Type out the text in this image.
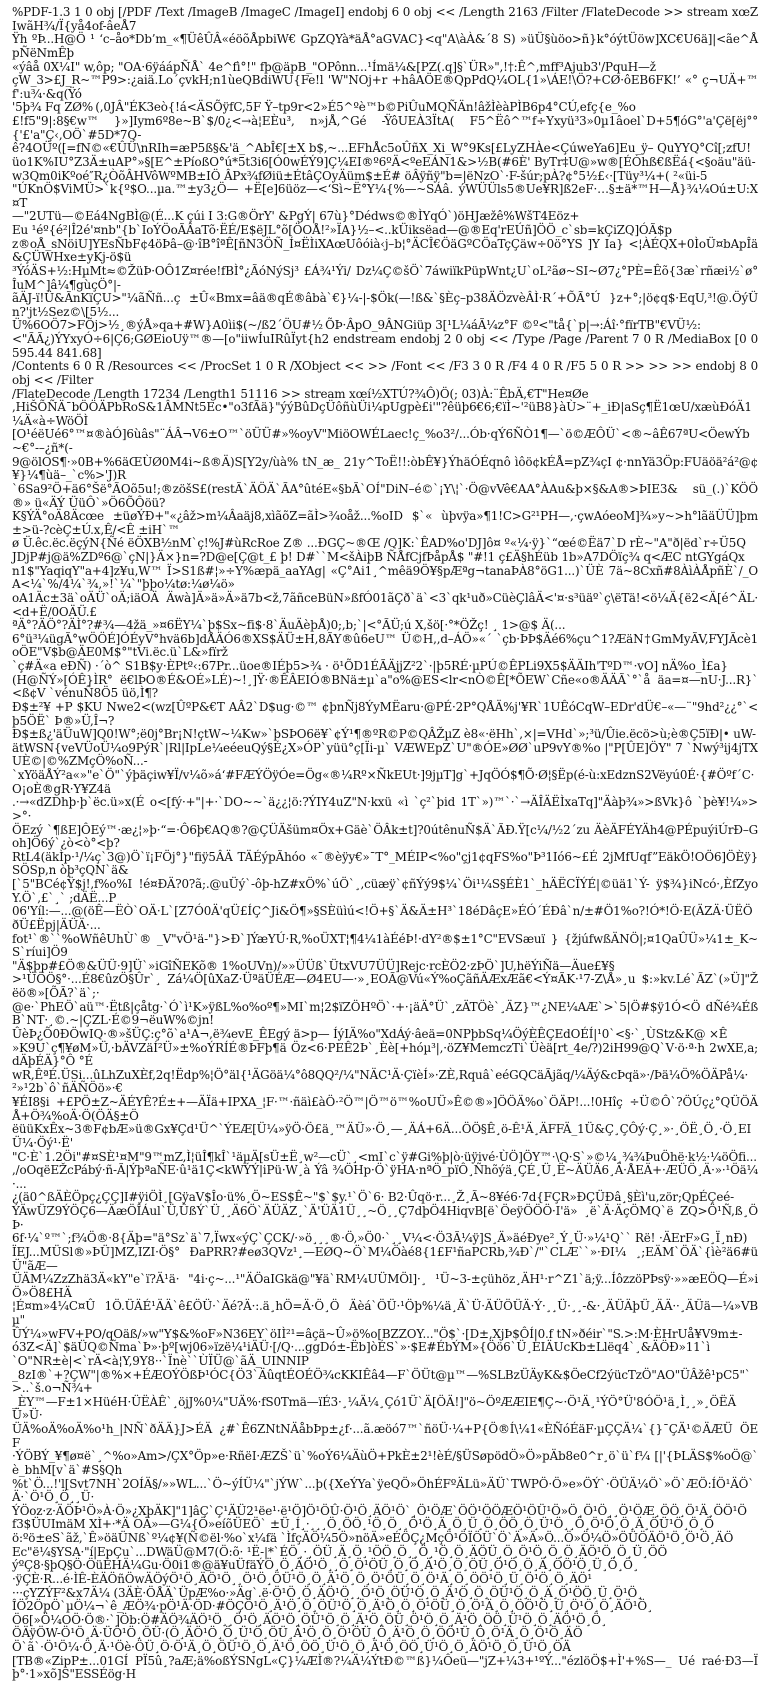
%PDF-1.3 1 0 obj [/PDF /Text /ImageB /ImageC /ImageI] endobj 6 0 obj << /Length 2163 /Filter /FlateDecode >> stream xœZIwãH¾/Ï{yå4of-âeÅ7
Ÿh ºÞ...H@Ö ¹ ‘c–åo*Db’m_«¶ÜêÛÂ«éöõÅpbiW€ GpZQYà*äÅ°aGVAC}<q"A\àÀ&´8 S) »üÜ§ùöo>ñ}k°óýtÜöw]XC€U6ä]|<ãe^Å pÑëNmÊþ
«ýâå 0X¼I" w,ôp; "OA·6ÿáápÑÅ` 4e^fì°!" fþ@äpB_"OPônn...¹Ímä¼&[PZ(.q]§`ÜR»",!†:Ê^,mff³Ajub3'/PquH—ž
çW_3>£J_R~™P9>:¿aiä.Lo´çvkH;n1ùeQBdiWU{Fe!l 'W"NOj+r +hâAÖE®QpPdQ¼OL{1»\ÁE!\Ö?+CØ·ôEB6FK!’ «° ç¬UÄ+™f':u¾·&q(Ÿó
'5þ¾ Fq ZØ% (,0JÂ"ÉK3eò{!á<ÄSÕÿfC,5F Ÿ–tp9r<2»É5^ºè™b©PiÛuMQÑÄn!âžÌèàPÌB6p4°CÚ,efç{e_%o
£!f5"9|:8§€w™ }»]Iym6º8e~B`$/0¿<→à¦EÈu³, n»jÅ,^Gé -ŸôUEÀ3ÏtA( F5^Ëô^™f÷Yxyü³3»0µ1âoel`D+5¶óG°'a'Çë[ëj°°{'£'a"Ç‹,OÖ`#5D*7Q-
ê?4OÜº([=fN©«€ÛÜ\nRIh=æP5ß§&'ä_^AbÎ€[±X b$,~...EFhÅc5oÛñX_Xi_W°9Ks[£LyZHÀe<ÇúweYa6]Eu_ÿ– QuYYQ°Cî[;zfU!
üo1K%IU°Z3Ä±uAP°»§[E^±PíoßO°ú*5t3i6[Ó0wÉÝ9]Ç¼EI®º6ºÄ<ºeEÁN1&>½B(#6È' ByTr‡U@»w®[ÉÓhß€ßËá{<§oäu"äü-
w3Qm0iKºoé″R¿ÒõÂHVôWºMB±IÖ ÂPx¾fØiü±ÉtâÇOyÄüm$±É# öÂÿñÿ"b=|ëNzO`·F-šúr;pÀ?¢°5½£‹·[Tüy³¼+( ²«üi-5
"ÚKnÖ$ViMÜ>`k{º$O...µa.™±y3¿Ö— +Ë[e]6üöz—<‘Sì~Ë°Y¼{%—~SÁâ. ýWÜÜls5®Ue¥R]ß2eF·…§±ä*™H—Å}¾¼Oú±U:X¤T
—"2UTü—©Eá4NgBÌ@(É...K çúi I 3:G®ÖrY' &PgÝ| 67ù}°Dédws©®ÌYqÓ`)öHJæžê%WšT4Eöz+
Eu ¹éº{é²|Î2é'¤nb"{b`IoÝÖoÃÂaTõ·ËÉ/E$ëJL°õ[ÖOÅ!²»ÏA}½–<..kÜiksëad—@®Eq'rEÚñ]ÖÖ_c`sb=kÇiZQ]ÓÃ$p
z®oÅ_sNöiU]YEsÑbF¢4öÞâ–@·îB°îªÊ[ñN3ÖÑ_Í¤ËÌiXAœUôóià‹j–b¦°ÄCÎ€ÖäGºCÖaTçÇäw÷0ö°YS ]Y Ia} <¦ÀÉQX+0ÌoÜ¤bApÎä&ÇÜWHxe±yKj-ö$ü
³ÝóÄS+½:HµMt≈©ŽüÞ·OÔ1Z¤rée!fBÌ°¿ÃóNýSj³ £Á¾¹Ýi/ Dz¼Ç©šÖ`7áwiïkPüpWnt¿U`oL²ãø~SI~Ø7¿°PÈ=Êõ{3æ`rñæi½`ø°ÎuM^]â¼¶gùçÖ°|-
ãÄJ-ï!Ü&ÃnKïÇU>"¼ãÑñ...ç ±Û«Bmx=âä®qÉ®âbà`€}¼-|-$Ök(—!ß&`§Èç–p38ÄÖzvèÂÌ·R´+ÕÃ°Ú }z+°;|ö¢q$·EqU,³!@.ÖýÜn?'jt½Sez©\[5½...
Ü%6OÖ7>FÕj>½¸®ýÅ»qa+#W}A0ìi$(~/ß2´ÖU#½ ÕÞ·ÂpO_9ÂNGiüp 3[¹L¼áÃ¼z°F ©º<"tå{`p|→:Áî·°fïrTB"€VÜ½:
<"ÃÃ¿)ÝYxyÓ÷6|Ç6;GØEioUÿ™®—[o"iiwÍuIRûÏyt{h2 endstream endobj 2 0 obj << /Type /Page /Parent 7 0 R /MediaBox [0 0 595.44 841.68]
/Contents 6 0 R /Resources << /ProcSet 1 0 R /XObject << >> /Font << /F3 3 0 R /F4 4 0 R /F5 5 0 R >> >> >> endobj 8 0 obj << /Filter
/FlateDecode /Length 17234 /Length1 51116 >> stream xœí½XTÚ?¾Ô)Ö(; 03)À:¨ÊbÄ,€T"He¤Øe
,HiŠÕÑÄ¯bÖÖÄPbRoS&1ÂMNt5Ec•"o3fÃä}"ýýBûDçÜôñùÜi¼pUgpè£i'"?êüþ6€6;€ïÌ~'²üB8}àÙ>¨+_iÐ|aSç¶Ë1œU/xæùÐóÄ1¼Ä«à÷WöÖÌ
[O¹éëUé6°™¤®àÓ]6ùâs"¨ÁÂ¬V6±O™`öÜÜ#»%oyV"MiöOWÉLaec!ç_%o3²/...Ób·qÝ6ÑÒ1¶—`ö©ÆÔÜ`<®~âÊ67ªU<ÖewÝb~€°-–¿ñ*(-
9@ölOS¶·»0B+%6äŒÙØ0M4i~ß®Ä)S[Y2y/ùà% tN_æ_ 21y^ToË!!:òbÊ¥}ÝhäÓÉqnô ìôö¢kÉÅ=pZ¾çI ¢·nnYä3Öp:FUäöä²á²@¢¥}¼¶ùä–_`c%>'J)R
`6Sa9²Ö+ä6°Šë°ÃOõ5u!;®zöšS£(restÃ`ÄÖÄ`ÃA°ûtéE«§bÃ`OÍ"DiN–é©`¡Y\¦`·Ö@vVê€AA°ÀAu&þ×§&A®>ÞIE3& sü_(.)`KÖÖ®» ü«ÄÝ ÜüÔ`»Ö6ÕÔöü?
K§ÝÄ°oÄ8Äcœe ±üøÝÐ+"«¿âž>m¼Âaäj8,xìãõZ=ãÌ>¾oåž...%oID $`« ùþvÿa»¶1!C>G²¹PH—,·çwAóeoM]¾»y~>h°lãäÜÜ]þm±>ü-?cèÇ±Ú.x,Ê/<Ê ±iH`™
ø Ü.êc.ëc.ëçýN{Ñé ëÖXB½nM`ç!%J#ùRcRoe Z® ...ÐGÇ~®Œ /Q]K:`ÊAD%o'DJ]ô¤ º«¼·ÿ}`“œé©Ëä7`D rÈ~"A"ð|ëd`r÷Ü5Q
JDjP#j@ä%ZDº6@`çN|}Ä×}n=?D@e[Ç@t_£ þ! D#``M<šÀiþB ÑÅfCjfÞåpÅ$ "#!1 ç£Ä§hÉüb 1b»A7DÖïç¾ q<ÆC ntGYgáQx
n1$"YaqiqY"a+4]z¥u,W™ Ï>S1ß#¦»÷Y%æpä_aaYAg| «Ç°Ai1¸^mêä9Ö¥§pÆªg¬tanaÞÀ8°öG1...)`ÜÈ 7ä~8Cxñ#8ÀìÀÅpñÈ`/_OA<¼`%/4¼`¾,»!`¼`"þþo¼tø:¼ø¼ö»
oA1Äc±3ä`oÄÜ`oÄ;iäOÄ Äwà]Ä»ä»Ä»ä7b<ž,7ãñceBüN»ßfÓ01ãÇð`ä`<3`qk¹uð»CüèÇlâÄ<'¤·s³üäº`ç\ëTä!<ö¼Ä{ë2<Ä[é^ÄL·<d+Ë/0OÄÜ.£
ªÄ°?ÄÖ°?ÄÌ°?#¾—4žä_»¤6ËY¼`þ$Sx~fi$·8`ÄuÄèþÅ)0;,b;`|<°ÃÜ;ú X,šö[·°*ÖŽç! ¸ 1>@$ Ä(...
6°ü³¼ügÃ°wÖÖÉ]ÓÉyV°hvä6b]dÅÄÓ6®XS$ÄÜ±H,8ÃY®û6eU™ Ü©H,,d–ÁÖ»«´ `çb·ÞÞ$Äé6%çu^1?ÆäN†GmMyÃV,FYJÃcè1oÖE"V$b@ÄE0M$°"tVi.ëc.ü`L&»fïrž
`ç#Ä«a eÐÑ) ·´ò^ S1B$y·ÈPtº‹:67Pr...üoe®IÉþ5>¾ · ö¹ÕD1ÉÃÄjjZ²2`·|þ5RÉ·µPÚ©ÊPLi9X5$ÄÄIh'TºD™·vO] nÄ%o_Ì£a}
(H@ÑÝ»[ÓÊ}ÌR° ë€lÞO®É&OÉ»LÉ)~!¸]Ÿ·®ÊÂEIÓ®BNä±µ`a"o%@ES<lr<nÒ©Ê[*ÕEW`Cñe«o®ÄÄÃ`°`å äa=¤—nU·J...R}`<ß¢V `vénuÑ8Ö5 üö,Ì¶?
Ð$±²¥ +P $KU Nwe2<(wz[ÛºP&€T AÂ2`D$ug·©™ ¢þnÑj8ÝyMËaru·@PÉ·2P°QÅÄ%j'¥R`1UÊóCqW–EDr'dÜ€–«—¨"9hd²¿¿°`<þ5ÖË` Þ®»Ü,Î¬?
Ð$±ß¿'äÜuW]Q0!W°;ë0j°Br¡N!çtW~¼Kw»`þSÞO6ë¥`¢Ý¹¶®ºR©P©QÂŽµZ è8«·ëHh`,×|=VHd`»;³ü/Ûie.ëcö>ù;è®Ç5ïÐ|• uW-
ätWSN{veVÜoÜ¼o9PýR`|Rl|IpLe¼eéeuQý§É¿X»ÓP`yüü°ç[Ïi-µ` VÆWEpZ`U"®ÓE»ØØ`uP9vY®%o |"P[ÛE]ÖY" 7 `Nwý³ij4jTXUÈ©|©%ZMçÖ%oÑ...-
`xYöäÅÝ²a«»"e`Ö"`ýþäçiw¥Ï/v¼õ»á‘#FÆÝÖÿÓe=Ög«®¼Rº×ÑkEUt·]9jµT]g`+JqÖÓ$¶Õ·Ø¦§Ëp(é-ù:xEdznS2Vëyú0É·{#Öºf´C·O¡oÈ®gR·Y¥Z4ä
.·→«dZDhþ·þ`ëc.ü»x(É o<[fý·+"|+·`DO~~`ä¿¿¦ö:?ÝIY4uZ"N·kxü «ì `ç²`þid 1T`»)™`·`→ÄÎÄËÌxaTq]"Äàþ¾»>ßVk}ô `þè¥!¼»>>°·
ÖEzý `¶ßE]ÔEý™·æ¿¦»þ·“=·Ô6þ€AQ®?@ÇÜÄšüm¤Öx+Gäè`ÖÂk±t]?0útênuÑ$Ä`ÃÐ.Ÿ[c¼/½2´zu ÄèÄFÉYÄh4@PÉpuýiÚrÐ–Goh]Ö6ý`¿ò<ò°<þ?
RtL4(äkÌp·¹/¼ç`3@)Ö`ï¡FÖj°}"fiÿ5ÂÄ TÄÉýpÃhóo «¯®èÿy€»¯T°_MÉIP<%o"çj1¢qFS%o"Þ³1Ió6~£É 2jMfUqf”EäkÖ!OÖ6]ÖÈÿ}SÖSp,n òþ³çQN`ä&
[`5"BCé¢Ÿ$j!,f%o%I !é¤ÐÄ?0?ã;.@uÜý`-ôþ-hZ#xÖ%`úÖ`¸,cüæÿ`¢ñÝý9$¼`Öi¹¼S§ÉÈ1`_hÄËCÏÝÉ|©üä1`Ý- ÿ$¾}iNcó·,ÈfZyoY.Ö`,£`¸` ;dÄË...P
06'Yíl:—...@(öÊ—ËÒ`OÄ·L`[Z7Ó0Ä'qÜ£ÍÇ^Ji&Ö¶»§SÈüìú<!Ö+§`Ä&Ä±H³`18éDâçE»ÉÓ´ÉÐâ`n/±#Ö1%o?!Ó*!Ö·E(ÄZÄ·ÜËÖðÜ£Ëpj|ÄÜÄ·...
fot¹`®``%oWñêUhÙ`® _V"vÖ¹ä-"}>Ð`]ÝæYÚ·R,%oÜXT¦¶4¼1àÉéÞ!·dY²®$±1°C"EVSæuï } {žjúfwßÄNÖ|;¤1QaÛÜ»¼1±_K~S`ríui]Ö9
"Ä$þp#£Ö®&ÜÜ·9]Ü`»iGîÑEKõ® 1%oUVn)/»»ÜÜß`ÜtxVU7ÜÜ]Rejc·rcÈÖ2·zÞÖ`]U,hëÝiÑä—Äue£¥§
>¹ÜÖÖ§°·...É8€ûzÖ§Ûr`¸ Zá¼Ö[ûXaZ·ÜªäÜÉÆ—Ø4EU—·»¸EOÃ@Vú«Ý%oÇãñÄÆxÆã€<Ý¤ÃK·¹7-Z\Å»¸u $:»kv.Lé`ÃZ`(»Ü]"Ž ëö®»[ÕÃ?`ä`;·
@e·`PhEÖ`aü™·Ëtß|çåtg·`Ó`ì¹K»ÿßL%o%oº¶»MI`m¦2$ïZÖHºÖ`·+·¡äÄ°Ü`¸zÄTÖè`¸ÄZ}™¿NE¼AÆ`>`5|Ö#$ÿ1Ó<Ö dÑé¾ÉßB`NT·¸©.~|ÇZL·É©9¬ëuW%©jn!
ÛèÞ¿Õ0ÐÖwIQ·®»šÜÇ:ç°õ`a¹A¬,ë¾evE_ÊEgý ä>p— ÍýIÄ%o"XdÁý·âeä=0NPþbSq¼ÖýÈÊÇEdOÉÍ|¹0`<§·`¸ÙStz&K@ ×Ê
»K9U`ç¶¥øM»Ü,·bÄVZäÍ²Ü»±%oÝRÍÉ®ÞFþ¶ä Öz<6·PEÊ2Þ`¸Èè[+hóµ³|,·öZ¥MemczTi`Üèä[rt_4e/?)2iH99@Q`V·ö·ª·h 2wXE,a;dÄþÉÄ}°Ô °É
wR,ÊªÉ.ÜSi...ûLhZuXÈf,2q!Ëdp%¦Ö°äl{¹ÄGöä¼°ô8QQ²/¼"NÄC¹Ä·ÇïèÍ»·ZÈ,Rquâ`eéGQCäÃjãq/¼Äý&cÞqä»·/Þä¼Ö%ÖÄPå¼·²»¹2b`ô`ñÄÑÖö»·€
¥ÉI8§i +£PÖ±Z~ÄÉYÊ?É±+—ÄÏä+IPXA_¦F·™·ñäì£àÖ·²Ö™|Ö™ö™%oUÜ»Ê©®»]ÖÖÄ%o`ÖÄP!...!0Hîç ÷Ü©Ô`?ÖÚç¿°QÜÖÄÅ+Ö¾%oÄ·Ö(ÖÄ§±Ö
ëüüKxÊx~3®F¢bÆ»ü®Gx¥Çd¹Ü^`ÝEÆ[Ü¼»ÿÖ·Ö£ä¸™ÄÜ»·Ö¸—¸ÄÁ+6Ä...ÖÖ§Ê¸ö-Ê¹Ä¸ÄFFÄ_1Ü&Ç¸ÇÔý·Ç¸»·¸ÖË¸Ö¸·Ö¸EIÜ¼·Öý¹·Ë'
"C·È`1.2Öi"#¤SÈ¹¤M"9™mZ,Ì¦üÎ¶kÎ`¹äµÄ[sÜ±Ë¸w²—cÜ`¸<mI`c`ÿ#Gi%þ|ò·üÿivé·ÙÖ]ÖY™·\Q·S`»©¼¸¾¾ÞuÖhë·k½·¼öÖfi...
,/oOqëEŽcPábý·ñ-Ã|ÝþªaÑE·û¹ä1Ç<kWÝÝ|iPü·W¸à Ýâ ¾ÖHp·Ö`ÿHA·nªÖ_pïÔ¸Ñhõýä¸ÇÉ¸Ü¸Ë~ÄÜÄ6¸Ä·ÅEÄ+·ÆÜÖ¸Ä·»·¹Öä¼·...
¿(ä0^ßÄÈÖpç¿ÇÇ]I#ÿiÖÌ¸[GÿaV$Îo·ü%¸Ö~ES$Ê~"$`$y.¹`Ö`6· B2·Ûqö·r...¸Ž¸Ã~8¥é6·7d{FÇR»ÐÇÜÐâ¸§Èì'u,zör;QpÉÇeé-
ÝÄwÜZ9ÝÖÇ6—ÄæÖÎÁul`Ü,ÛßÝ`Ü¸¸Ä6Ö`ÄÜÄZ¸`Ä'ÜÄ1Ü¸¸~Ö¸¸Ç7dþÖ4HiqvB[ë`ÖeÿÖÖÖ·I'ä» ¸ë`Ä·ÄçÖMQ`ë ZQ>Ö¹Ñ,ß¸ÖÞ·
6f·¼`º™`;f¾Ö®·8{Äþ="ä°Sz`ä`7,Ïwx«ýÇ`ÇCK/·»ö¸¸¸®·Ö,»Ö0·`¸¸V¼<·Ö3Ã¼ÿ]S¸Ä»äéÐye²¸Ý¸Ü·»¼¹Q`` Rë! ·ÄErF»G¸Ï¸nÐ)
ÏEJ...MÜSl®»ÞÜ]MZ,IZI·Ö§° ÐaPRR?#eø3QVz¹¸—EØQ~Ö`M¼Öàé8{1£F¹ñaPCRb,¾Ð`/"`CLÆ``»·ÐI¼ ¸;EÄM`ÖÄ`{ìè²ä6#üÜ"ãÆ—
ÜÄM¼ZzZhä3Ä«kY"e`ï?Ä¹ä· "4i·ç~...¹"ÄÖaIGkä@"¥ä`RM¼UÜMÖl]·¸ ¹Ü~3-±çühöz¸ÄH¹·r^Z1`ä;ÿ...ÍôzzöPÞsÿ·»»æEÖQ—É»iÖ»Ö8£HÄ
¦É¤m»4¼C¤Û 1Ö.ÜÄÉ¹ÄÄ`ê£ÖÜ·`Äé?Ä·:.ä¸hÖ=Ä·Ö¸Ö Äèá`ÖÜ·¹Öþ%¼ä¸Ä`Ü·ÄÜÖÜÄ·Ý·¸¸Ü·¸¸-&·¸ÄÜÄþÜ¸ÄÄ··¸ÄÜä—¼»VBµ"
ÛÝ¼»wFV+PO/qOäß/»w"Y$&%oF»N36EY`öIÌ²¹=âçä~Û»ö%o[BZZOY..."Ö$`·[D±,XjÞ$ÔÍ|0.f tN»ðéir`"S.>:M·ÈHrUå¥V9m±-
ó3Z<Ä]`$äÜQ©Ñma`Þ»·þº[wj06»ïzë¼¹iÄÜ·[/Q·...ggDó±-Ëb]òÉS`»·$E#ÉbÝM»{Öö6`Ü¸EIÄUcKb±Llëq4`¸&ÄÖÐ»11`ì
`O"NR±è|<`rÄ<à¦Y,9Y8··`Ïnè``ÙÏÜ@`ãÄ_UINNIP
_8zI®`+?ÇW"|®%×+ÉÆOÝÖßÞ¹ÓC{Ö3`ÄûqtÉOÉÖ¾cKKIÊâ4—F`ÖÜt@µ™—%SLBzÜÄyK&$ÖeCf2ýücTzÖ"AO"ÜÂžê¹pC5"`>..`š.o¬Ñ¾+
_ÈY™—F±1×HüéH·ÜËÀÊ`¸öjJ%0¼"UÄ%·fS0Tmä—ïÉ3·¸¼Ä¼¸Çó1Ü`Ä[ÖÄ!]"ö~ÖºÆÆIE¶Ç~·Ö¹Ä¸¹ÝÖ°Ü'8ÓÖ¹ä¸Ì¸¸»¸ÖËÄÜ»Ü·
ÜÄ%oÄ%oÄ%o¹h_|NÑ`ðÄÄ}J>ÉÄ ¿#`Ê6ZNtNÄåbÞp±¿f·...ã.æöó7™`ñöÜ·¼+P{Ö®Í\¼1«ÈÑóÉäF·µÇÇÄ¼`{}¯ÇÄ¹©ÄÆÜ ÖEF
·ÝÖBÝ_¥¶ø¤ë`¸^%o»Am>/ÇX°Öp»e·RñëI·ÆZŠ`ü`%oÝ6¼ÄùÖ+PkÈ±2¹!èÉ/§ÜSøpödÖ»Ö»pÄb8e0^r¸ö`ü`f¼ [|'{ÞLÄS$%oÖ@`è_bhM[v`ä`#S§Qh
%t`Ö...!'l[Svt7NH`2OÍÄ§/»»WL...`Ö~ýÍÜ¼"`jÝW`...þ({XeÝYa`ÿeQÖ»ÖhÉFºÄLü»ÄÜ`TWPÖ·Ö»e»ÖÝ`·ÖÜÄ¼Ö`»Ö`ÆÖ:ÍÖ¹ÄÖ`Ä·`Ö¹Ö¸Ö¸¸Ü·
ÝÖoz·z·ÄÖÞ¹Ö»À·Ö»¿XþÄK]"1]âÇ`Ç¹ÄÜ2¹ëe¹·ë¹Ö]Ö¹ÖÛ·Ö¹Ö¸ÄÖ¹Ö`¸Ö¹ÖÆ`ÖÖ¹ÖÖÆÖ¹ÖÜ¹Ö»Ö¸Ö¹Ö¸¸Ö¹ÖÆ¸ÖÖ¸Ö¹Ä¸ÖÖ¹Ö
f3$ÜUImäM XÌ+·*Ä OÄ»—G¼{Ö»eíõÜEÖ` ±Ü¸Í¸·¸¸¸Ö¸ÖÖ¸¹Ö¸Ö¸¸Ö¹Ö¸Ä¸Ö¸Ü¸Ö¸ÖÖ¸Ö¸Ü¹Ö¸¸Ö¸Ö¹Ö¸Ö¸Ä¸ÖÜ¹Ö¸Ö¸Ö
ö:ºö±eS`ãž,`Ê»öäÜNß`º¼¢¥(Ñ©ël·%o`x¼fä `ÌfçÄÖ¼5Ö»nöÄ»eÉÖÇ¿MçÖ¹ÖÏÖÜ`Ö`Ä»Ä»Ö...Ö»Ö¼Ö»ÖÜÖÄÖ¹Ö¸Ö¹Ö¸ÄÖ
Ec"ë¼§YSA·"í|EpÇu`...DWäÜ@M7(Ö:õ· ¹Ë-|*`ÉÖ¸·¸ÖÜ¸Ä¸Ö¸¹ÖÖ¸Ö¸¸Ö¸¹Ö¸Ö¸ÄÖÜ¸Ö¸Ö¹Ö¸Ö¸Ö¸ÄÖ¹Ö¸Ö¸Ü¸ÖÖ
ýºÇ8·§þQ§Ö·ÖüÈHÄ¼Gu·Ö0i1®@ä¥uÜfäÝÖ¸Ö¸ÄÖ¹Ö¸¸Ö¸Ö¹ÖÜ¸Ö¸Ö¸Ä¹Ö¸Ö¸ÖÜ¸Ö¹Ö¸Ö¸Ä¸ÖÖ¹Ö¸Ü¸Ö¸Ö¸
·ÿÇÈ·R...é·ÌÊ-ÈÄÖñÖwÄÖýÖ¹Ö¸ÄÖ¹Ö¸¸Ö¹Ö¸ÖÜ¹Ö¸Ö¸Ä¹Ö¸Ö¸Ö¹ÖÜ¸Ö¸Ö¹Ä¸Ö¸ÖÖ¹Ö¸Ü¸Ö¹Ö¸Ö¸ÄÖ¹
···çYZÝF²&x7Ä¼ (3ÄÈ·ÖÅÄ`ÜpÆ%o·»Äg`.ë·Ö¹Ö¸Ö¸ÄÖ¹Ö¸¸Ö¹Ö¸ÖÜ¹Ö¸Ö¸Ä¹Ö¸Ö¸ÖÜ¹Ö¸Ö¸Ä¸Ö¹ÖÖ¸Ü¸Ö¹Ö¸
ÎÖ2ÖpÖ`µÖ¼¬`ê_ÆÖ¾·pÖ¹Ä·ÖD·#ÖÇÖ¹Ö¸Ä¹Ö¸Ö¸ÖÜ¹Ö¸Ö¸Ä¹Ö¸Ö¸Ö¹ÖÜ¸Ö¸Ö¹Ä¸Ö¸ÖÖ¹Ö¸Ü¸Ö¹Ö¸Ö¸ÄÖ¹Ö¸
Ö6[»Ö¼OÖ·Ö®·`]Öb:Ö#ÄÖ¾ÄÖ¹Ö¸¸Ö¹Ö¸ÄÖ¹Ö¸ÖÜ¹Ö¸Ö¸Ä¹Ö¸ÖÜ¸Ö¹Ö¸Ö¸Ä¹Ö¸ÖÖ¸Ü¹Ö¸Ö¸ÄÖ¹Ö¸Ö¸
ÖÄÿÖW-Ö¹Ö¸Ä·ÜÖ¹Ö¸ÖÜ·(Ö¸ÄÖ¹Ö¸Ö¸Ü¹Ö¸ÖÜ¸Ä¹Ö¸Ö¸Ö¹ÖÜ¸Ö¸Ä¹Ö¸Ö¸ÖÖ¹Ü¸Ö¸Ö¹Ä¸Ö¸Ö¹Ö¸ÄÖ
Ö`ã`·Ö¹Ö¼·Ö¸Ä·¹Öè·ÖÜ¸Ö·Ö¹Ä¸Ö¸ÖÜ¹Ö¸Ö¸Ä¹Ö¸ÖÖ¸Ü¹Ö¸Ö¸Ä¹Ö¸ÖÖ¸Ü¹Ö¸Ö¸ÄÖ¹Ö¸Ö¸Ü¹Ö¸ÖÄ
[TB®«ZipP±...01GÍ PÏ5û¸?aÆ;ä%oßÝSNgL«Ç}¼ÆÌ®?¼Ä¼ÝtÐ©™ß}¼Ôeü—"jZ+¼3+¹ºÝ..."ézlöÖ$+Ì'+%S—_ Ué raé·Ð3—Ïþ°·1»xõ]S"ESSÉög·H
